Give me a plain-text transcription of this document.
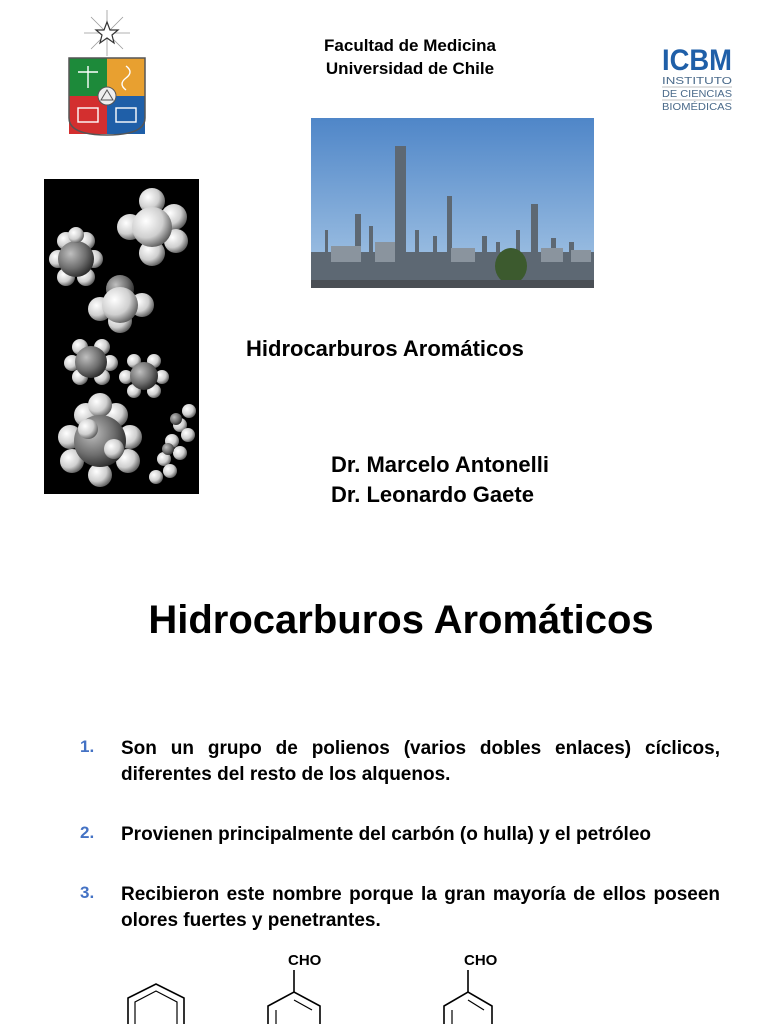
Facultad de Medicina
Universidad de Chile	ICBM
INSTITUTO
DE CIENCIAS
BIOMÉDICAS
Hidrocarburos Aromáticos
Dr. Marcelo Antonelli
Dr. Leonardo Gaete
Hidrocarburos Aromáticos
1. Son un grupo de polienos (varios dobles enlaces) cíclicos, diferentes del resto de los alquenos.
2. Provienen principalmente del carbón (o hulla) y el petróleo
3. Recibieron este nombre porque la gran mayoría de ellos poseen olores fuertes y penetrantes.
CHO	CHO
